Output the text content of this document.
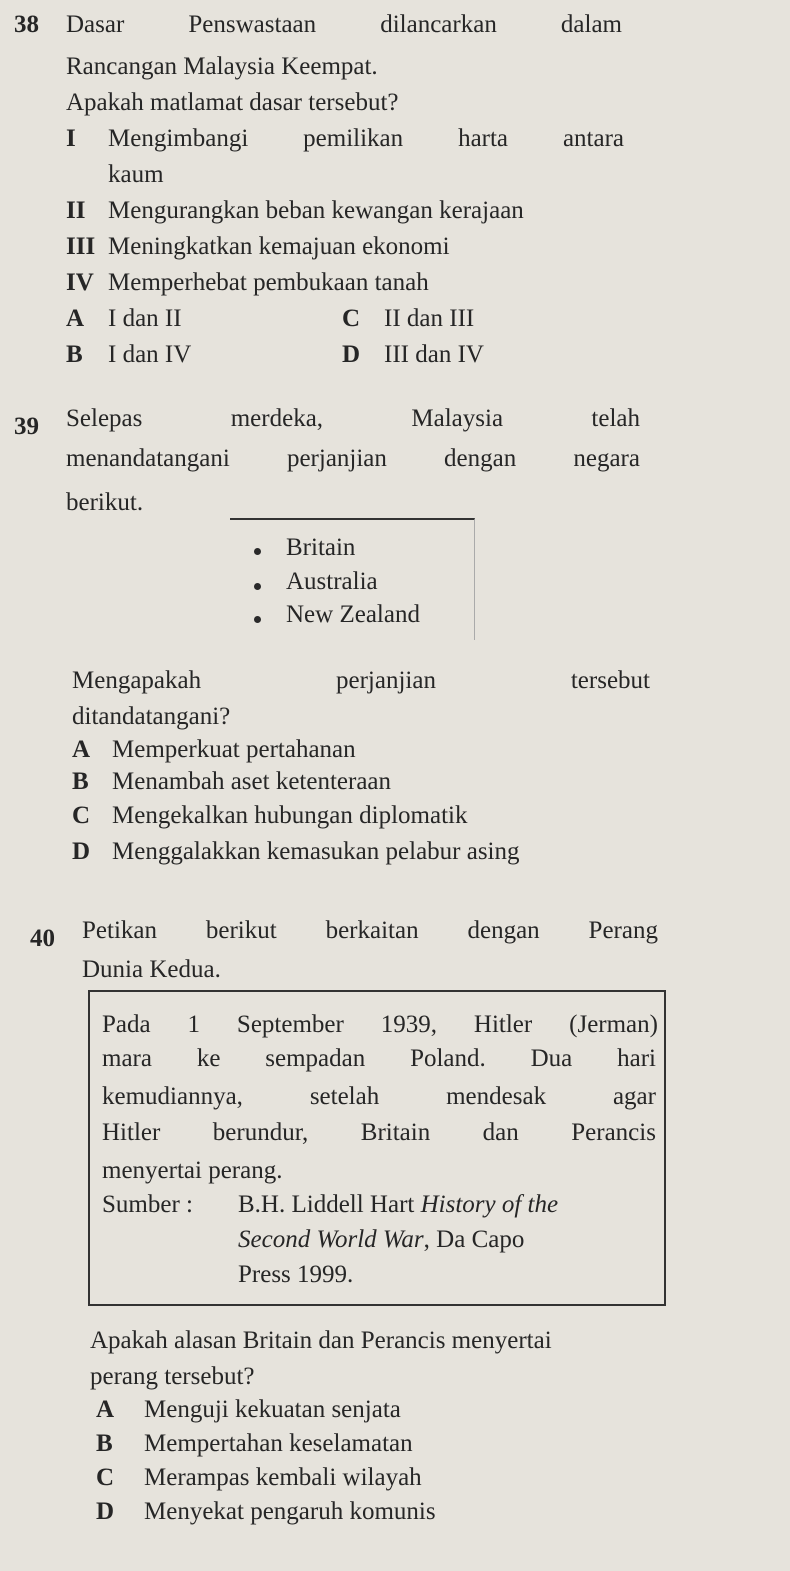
38 Dasar	Penswastaan	dilancarkan	dalam
Rancangan Malaysia Keempat.
Apakah matlamat dasar tersebut?
I Mengimbangi pemilikan harta antara
kaum
II Mengurangkan beban kewangan kerajaan
III Meningkatkan kemajuan ekonomi
IV Memperhebat pembukaan tanah
A I dan II	C II dan III
B I dan IV	D III dan IV
39 Selepas	merdeka,	Malaysia	telah
menandatangani perjanjian dengan negara
berikut.
Britain
Australia
New Zealand
Mengapakah	perjanjian	tersebut
ditandatangani?
A Memperkuat pertahanan
B Menambah aset ketenteraan
C Mengekalkan hubungan diplomatik
D Menggalakkan kemasukan pelabur asing
40 Petikan berikut berkaitan dengan Perang
Dunia Kedua.
Pada 1 September 1939, Hitler (Jerman)
mara ke sempadan Poland. Dua hari
kemudiannya,	setelah	mendesak	agar
Hitler berundur, Britain dan Perancis
menyertai perang.
Sumber : B.H. Liddell Hart History of the
Second World War, Da Capo
Press 1999.
Apakah alasan Britain dan Perancis menyertai
perang tersebut?
A Menguji kekuatan senjata
B Mempertahan keselamatan
C Merampas kembali wilayah
D Menyekat pengaruh komunis
